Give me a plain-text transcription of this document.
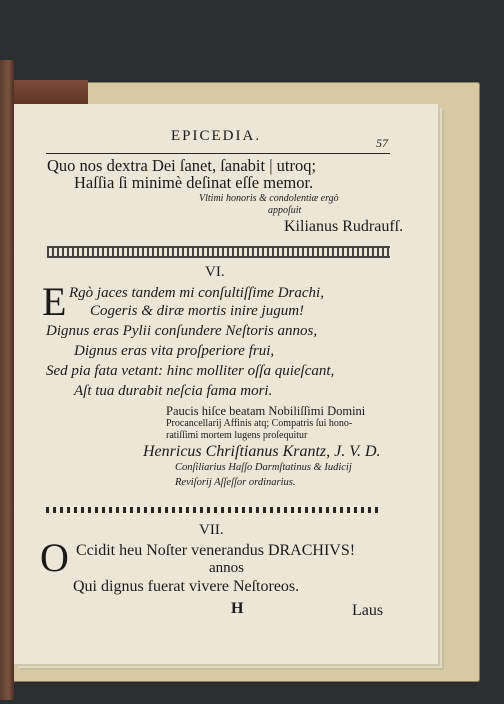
EPICEDIA.	57
Quo nos dextra Dei ſanet, ſanabit | utroq;
Haſſia ſi minimè deſinat eſſe memor.
Vltimi honoris & condolentiæ ergò
appoſuit
Kilianus Rudraufſ.
VI.
E Rgò jaces tandem mi conſultiſſime Drachi,
Cogeris & diræ mortis inire jugum!
Dignus eras Pylii conſundere Neſtoris annos,
Dignus eras vita proſperiore frui,
Sed pia fata vetant: hinc molliter oſſa quieſcant,
Aſt tua durabit neſcia fama mori.
Paucis hiſce beatam Nobiliſſimi Domini
Procancellarij Affinis atq; Compatris ſui hono-
ratiſſimi mortem lugens proſequitur
Henricus Chriſtianus Krantz, J. V. D.
Conſiliarius Haſſo Darmſtatinus & Iudicij
Reviſorij Aſſeſſor ordinarius.
VII.
O Ccidit heu Noſter venerandus DRACHIVS!
annos
Qui dignus fuerat vivere Neſtoreos.
H	Laus
